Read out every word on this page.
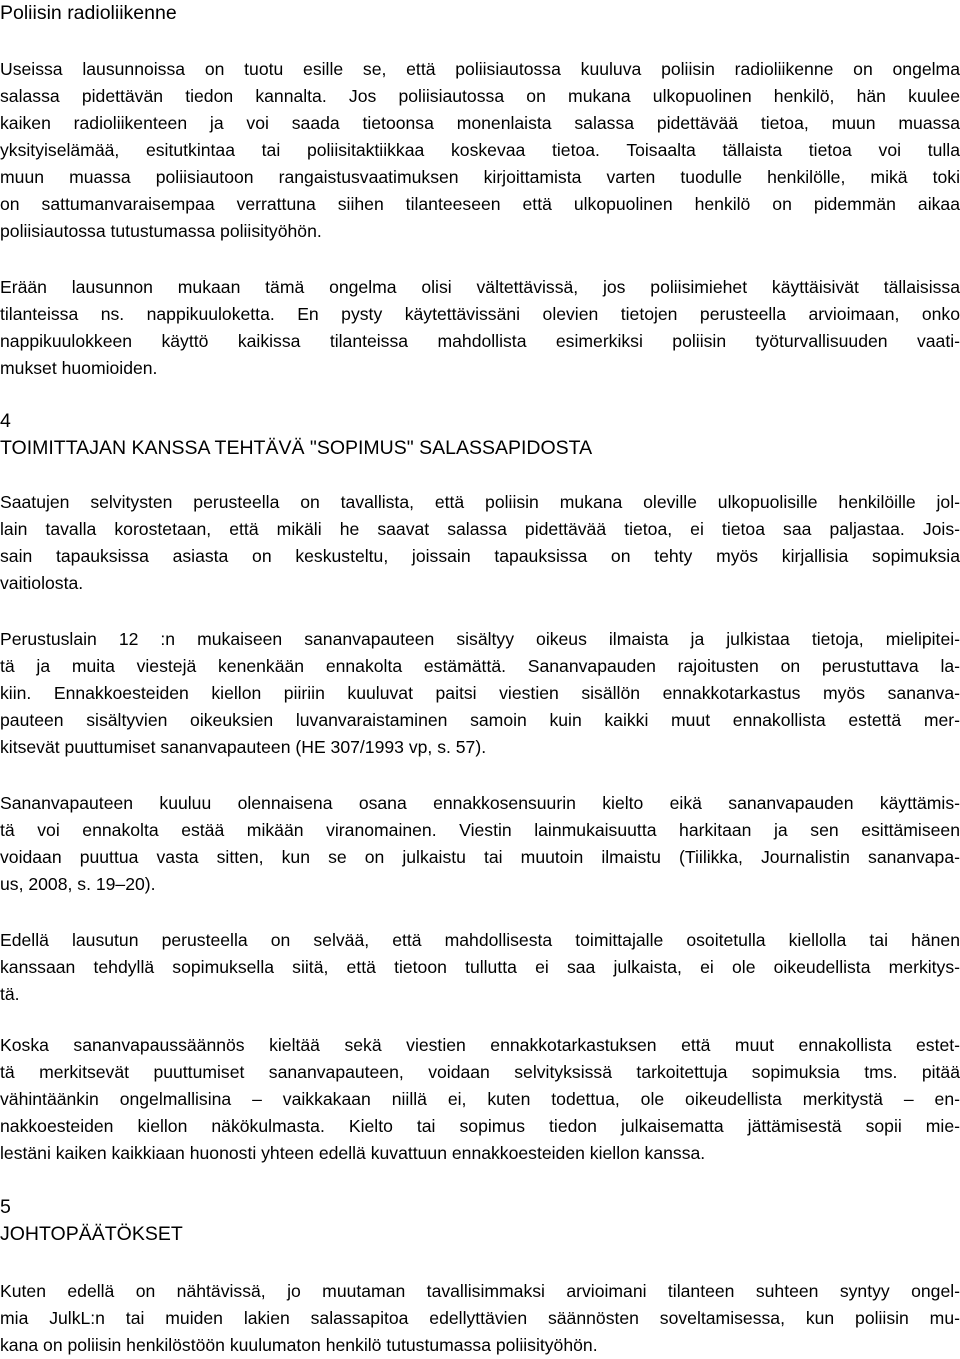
Poliisin radioliikenne
Useissa lausunnoissa on tuotu esille se, että poliisiautossa kuuluva poliisin radioliikenne on ongelma
salassa pidettävän tiedon kannalta. Jos poliisiautossa on mukana ulkopuolinen henkilö, hän kuulee
kaiken radioliikenteen ja voi saada tietoonsa monenlaista salassa pidettävää tietoa, muun muassa
yksityiselämää, esitutkintaa tai poliisitaktiikkaa koskevaa tietoa. Toisaalta tällaista tietoa voi tulla
muun muassa poliisiautoon rangaistusvaatimuksen kirjoittamista varten tuodulle henkilölle, mikä toki
on sattumanvaraisempaa verrattuna siihen tilanteeseen että ulkopuolinen henkilö on pidemmän aikaa
poliisiautossa tutustumassa poliisityöhön.
Erään lausunnon mukaan tämä ongelma olisi vältettävissä, jos poliisimiehet käyttäisivät tällaisissa
tilanteissa ns. nappikuuloketta. En pysty käytettävissäni olevien tietojen perusteella arvioimaan, onko
nappikuulokkeen käyttö kaikissa tilanteissa mahdollista esimerkiksi poliisin työturvallisuuden vaati-
mukset huomioiden.
4
TOIMITTAJAN KANSSA TEHTÄVÄ "SOPIMUS" SALASSAPIDOSTA
Saatujen selvitysten perusteella on tavallista, että poliisin mukana oleville ulkopuolisille henkilöille jol-
lain tavalla korostetaan, että mikäli he saavat salassa pidettävää tietoa, ei tietoa saa paljastaa. Jois-
sain tapauksissa asiasta on keskusteltu, joissain tapauksissa on tehty myös kirjallisia sopimuksia
vaitiolosta.
Perustuslain 12 :n mukaiseen sananvapauteen sisältyy oikeus ilmaista ja julkistaa tietoja, mielipitei-
tä ja muita viestejä kenenkään ennakolta estämättä. Sananvapauden rajoitusten on perustuttava la-
kiin. Ennakkoesteiden kiellon piiriin kuuluvat paitsi viestien sisällön ennakkotarkastus myös sananva-
pauteen sisältyvien oikeuksien luvanvaraistaminen samoin kuin kaikki muut ennakollista estettä mer-
kitsevät puuttumiset sananvapauteen (HE 307/1993 vp, s. 57).
Sananvapauteen kuuluu olennaisena osana ennakkosensuurin kielto eikä sananvapauden käyttämis-
tä voi ennakolta estää mikään viranomainen. Viestin lainmukaisuutta harkitaan ja sen esittämiseen
voidaan puuttua vasta sitten, kun se on julkaistu tai muutoin ilmaistu (Tiilikka, Journalistin sananvapa-
us, 2008, s. 19–20).
Edellä lausutun perusteella on selvää, että mahdollisesta toimittajalle osoitetulla kiellolla tai hänen
kanssaan tehdyllä sopimuksella siitä, että tietoon tullutta ei saa julkaista, ei ole oikeudellista merkitys-
tä.
Koska sananvapaussäännös kieltää sekä viestien ennakkotarkastuksen että muut ennakollista estet-
tä merkitsevät puuttumiset sananvapauteen, voidaan selvityksissä tarkoitettuja sopimuksia tms. pitää
vähintäänkin ongelmallisina – vaikkakaan niillä ei, kuten todettua, ole oikeudellista merkitystä – en-
nakkoesteiden kiellon näkökulmasta. Kielto tai sopimus tiedon julkaisematta jättämisestä sopii mie-
lestäni kaiken kaikkiaan huonosti yhteen edellä kuvattuun ennakkoesteiden kiellon kanssa.
5
JOHTOPÄÄTÖKSET
Kuten edellä on nähtävissä, jo muutaman tavallisimmaksi arvioimani tilanteen suhteen syntyy ongel-
mia JulkL:n tai muiden lakien salassapitoa edellyttävien säännösten soveltamisessa, kun poliisin mu-
kana on poliisin henkilöstöön kuulumaton henkilö tutustumassa poliisityöhön.
